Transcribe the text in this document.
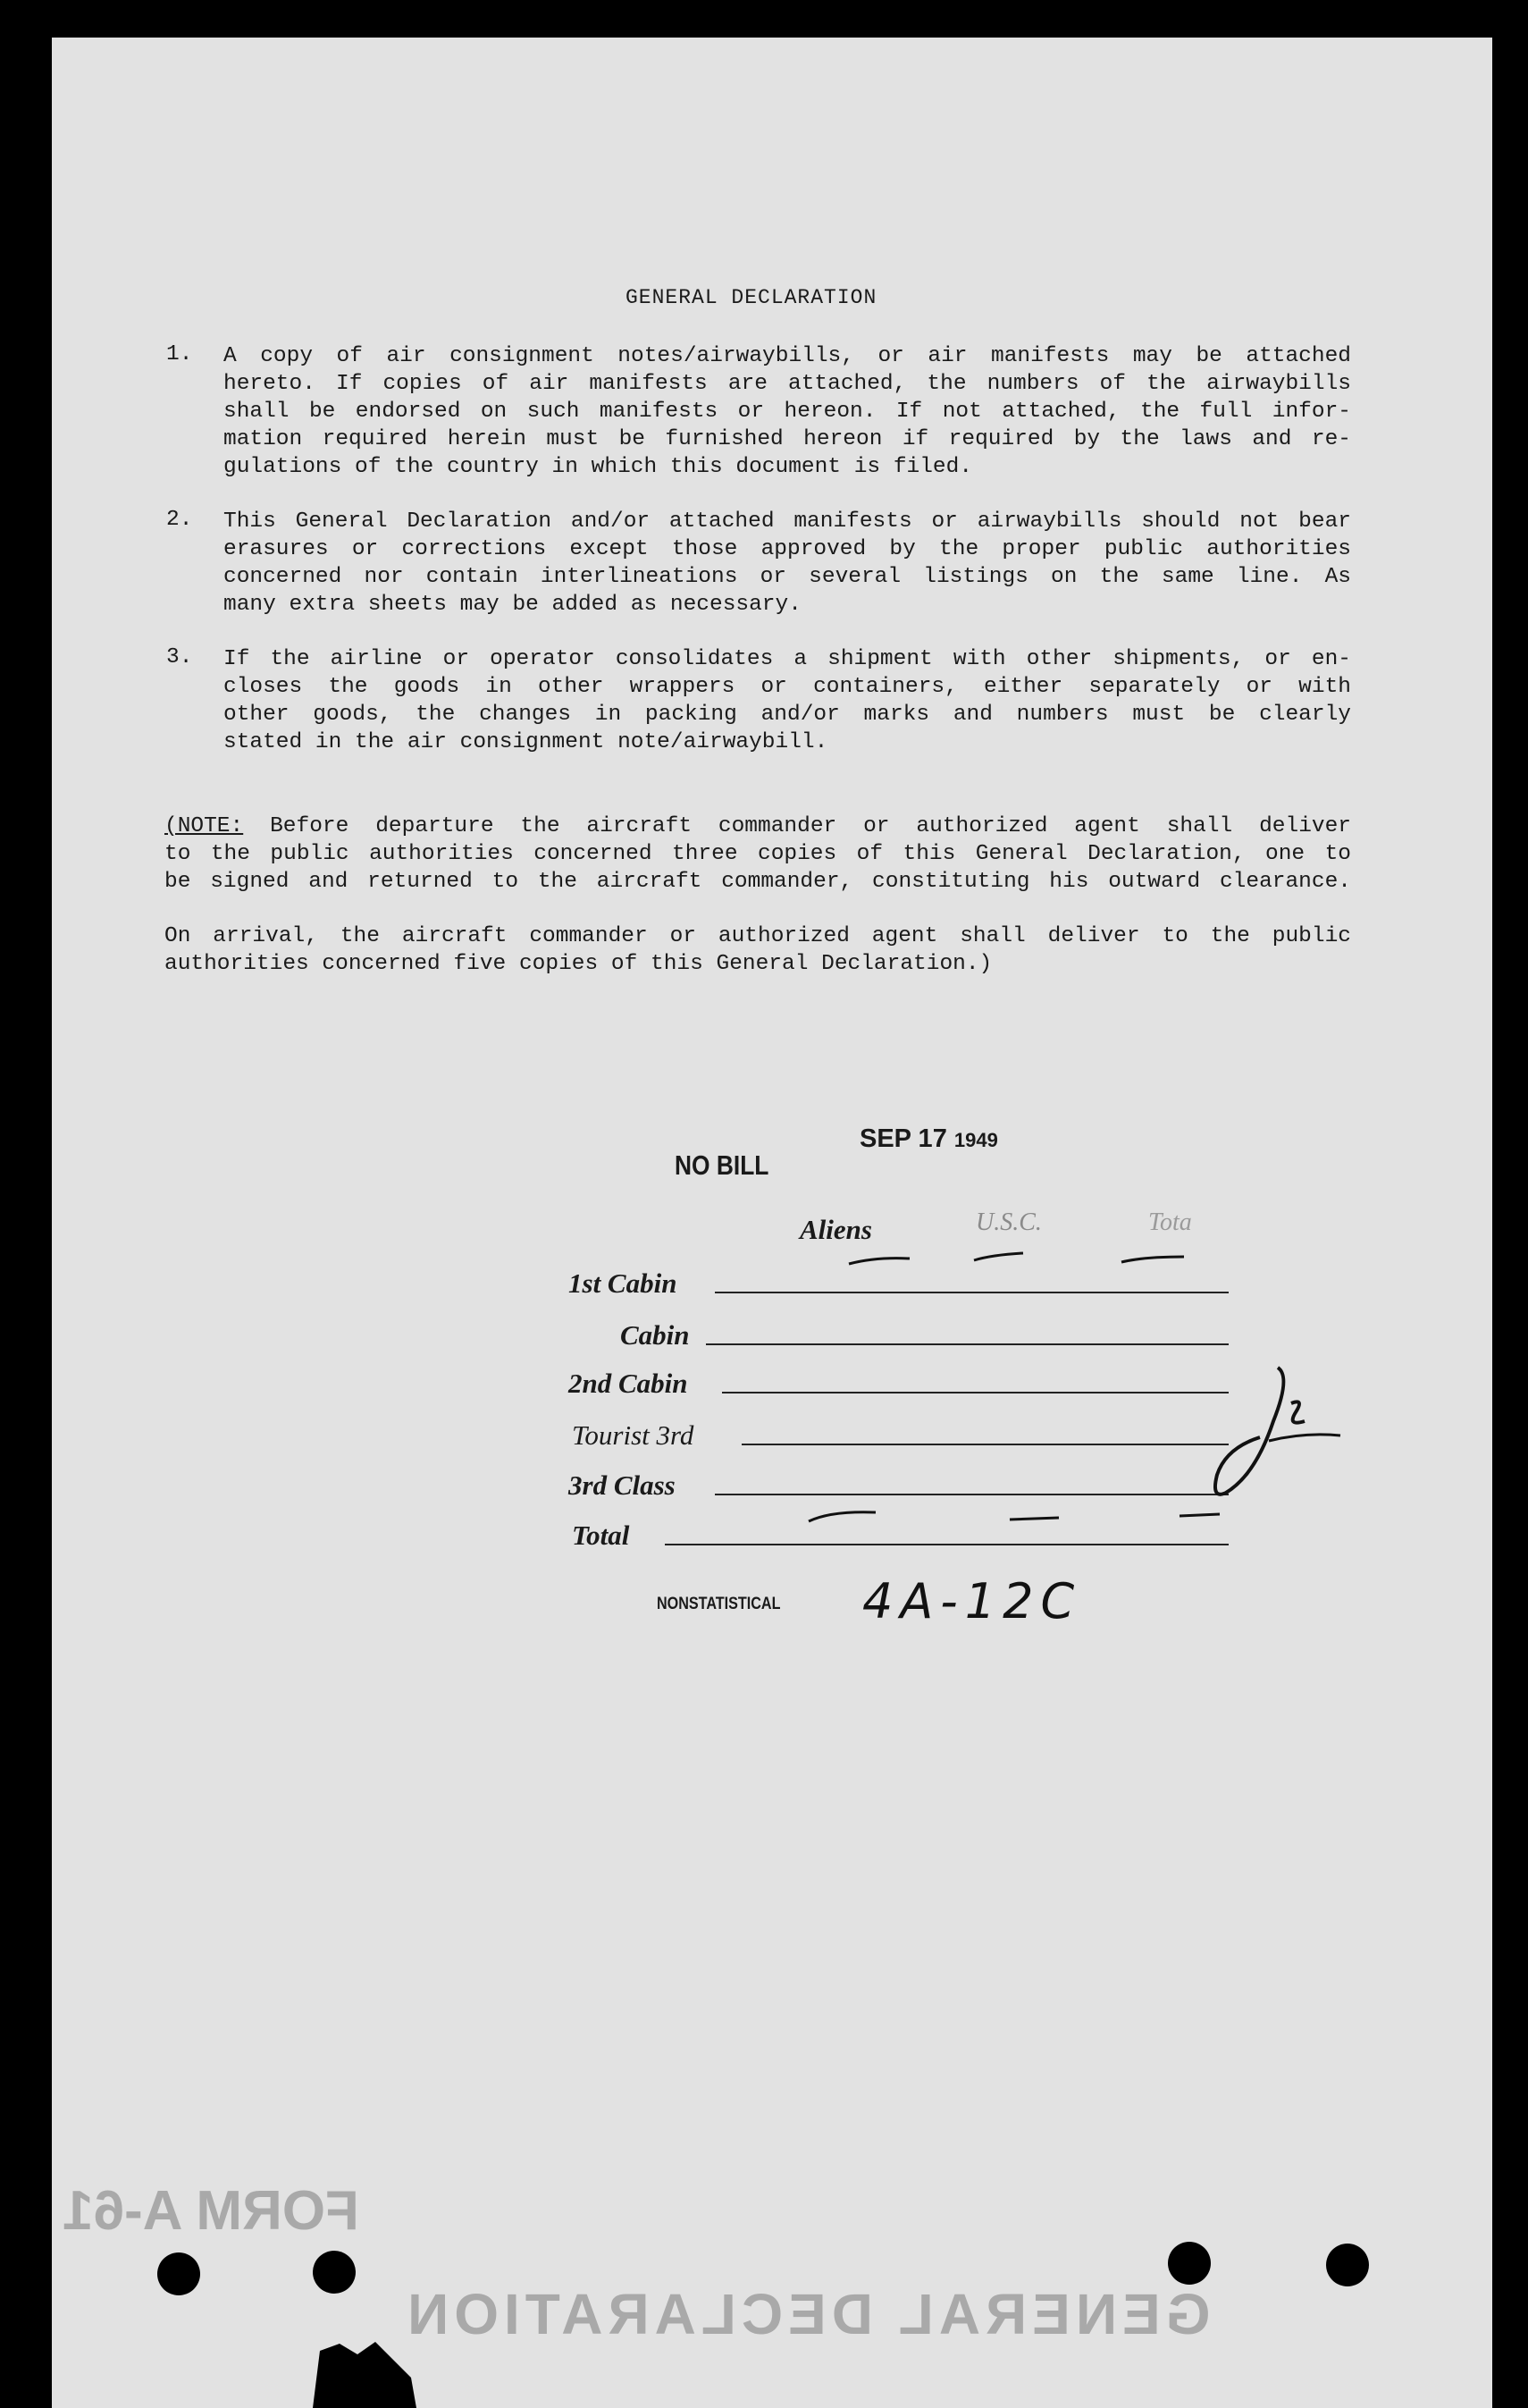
FORM A-61
GENERAL DECLARATION
GENERAL DECLARATION
1. A copy of air consignment notes/airwaybills, or air manifests may be attached
hereto. If copies of air manifests are attached, the numbers of the airwaybills
shall be endorsed on such manifests or hereon. If not attached, the full infor-
mation required herein must be furnished hereon if required by the laws and re-
gulations of the country in which this document is filed.
2. This General Declaration and/or attached manifests or airwaybills should not bear
erasures or corrections except those approved by the proper public authorities
concerned nor contain interlineations or several listings on the same line. As
many extra sheets may be added as necessary.
3. If the airline or operator consolidates a shipment with other shipments, or en-
closes the goods in other wrappers or containers, either separately or with
other goods, the changes in packing and/or marks and numbers must be clearly
stated in the air consignment note/airwaybill.
(NOTE: Before departure the aircraft commander or authorized agent shall deliver
to the public authorities concerned three copies of this General Declaration, one to
be signed and returned to the aircraft commander, constituting his outward clearance.
On arrival, the aircraft commander or authorized agent shall deliver to the public
authorities concerned five copies of this General Declaration.)
SEP 17 1949
NO BILL
Aliens	U.S.C.	Tota
1st Cabin
Cabin
2nd Cabin
Tourist 3rd
3rd Class
Total
NONSTATISTICAL 4A-12C
